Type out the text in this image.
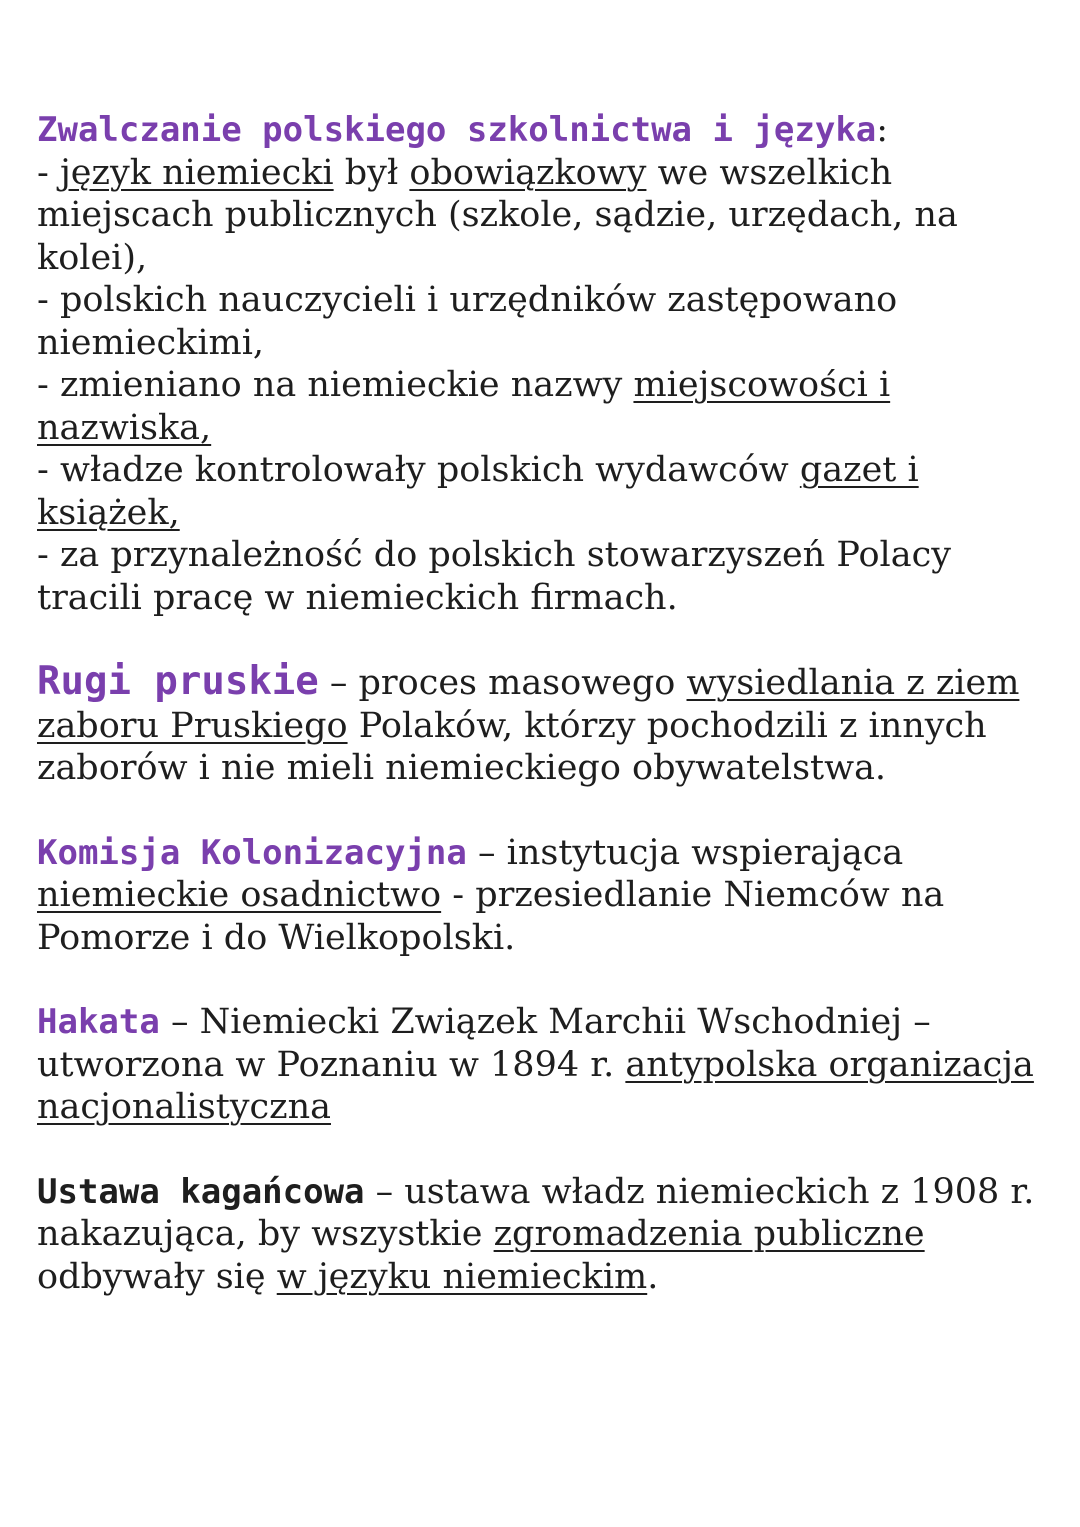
Zwalczanie polskiego szkolnictwa i języka:
- język niemiecki był obowiązkowy we wszelkich miejscach publicznych (szkole, sądzie, urzędach, na kolei),
- polskich nauczycieli i urzędników zastępowano niemieckimi,
- zmieniano na niemieckie nazwy miejscowości i nazwiska,
- władze kontrolowały polskich wydawców gazet i książek,
- za przynależność do polskich stowarzyszeń Polacy tracili pracę w niemieckich firmach.
Rugi pruskie – proces masowego wysiedlania z ziem zaboru Pruskiego Polaków, którzy pochodzili z innych zaborów i nie mieli niemieckiego obywatelstwa.
Komisja Kolonizacyjna – instytucja wspierająca niemieckie osadnictwo - przesiedlanie Niemców na Pomorze i do Wielkopolski.
Hakata – Niemiecki Związek Marchii Wschodniej – utworzona w Poznaniu w 1894 r. antypolska organizacja nacjonalistyczna
Ustawa kagańcowa – ustawa władz niemieckich z 1908 r. nakazująca, by wszystkie zgromadzenia publiczne odbywały się w języku niemieckim.
